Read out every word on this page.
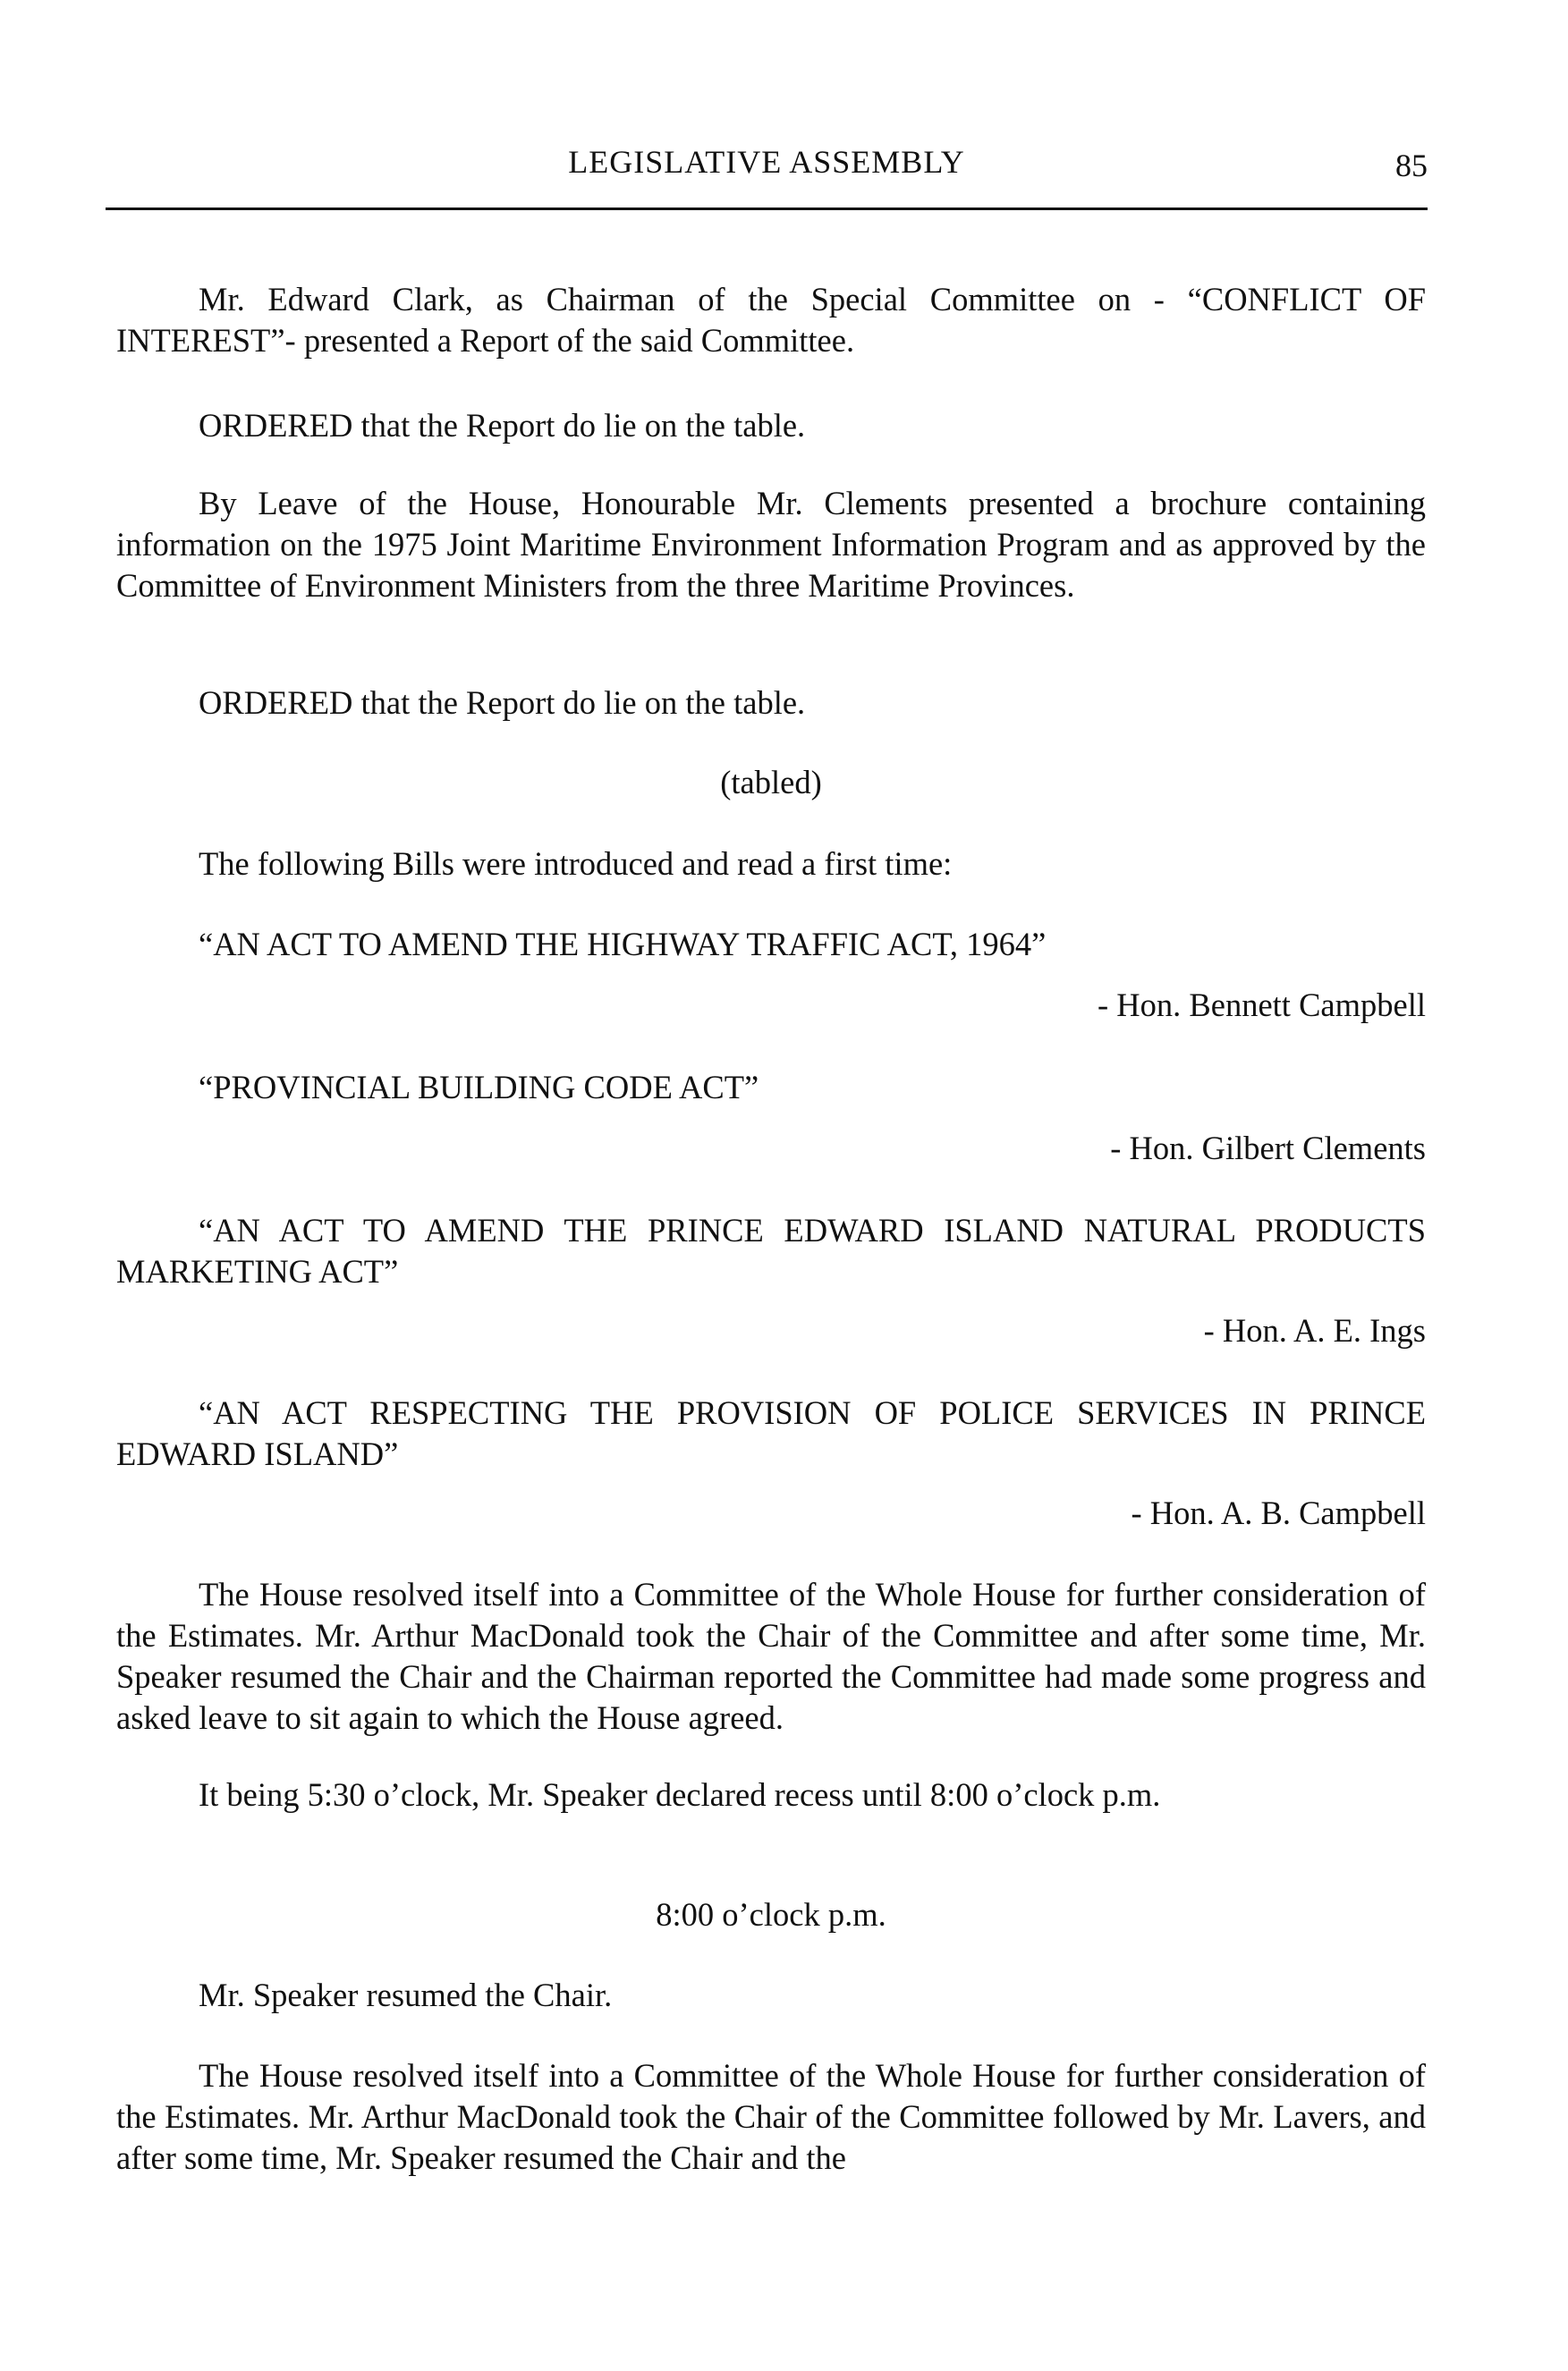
LEGISLATIVE ASSEMBLY	85

Mr. Edward Clark, as Chairman of the Special Committee on - “CONFLICT OF INTEREST”- presented a Report of the said Committee.

ORDERED that the Report do lie on the table.

By Leave of the House, Honourable Mr. Clements presented a brochure containing information on the 1975 Joint Maritime Environment Information Program and as approved by the Committee of Environment Ministers from the three Maritime Provinces.

ORDERED that the Report do lie on the table.

(tabled)

The following Bills were introduced and read a first time:

“AN ACT TO AMEND THE HIGHWAY TRAFFIC ACT, 1964”

- Hon. Bennett Campbell

“PROVINCIAL BUILDING CODE ACT”

- Hon. Gilbert Clements

“AN ACT TO AMEND THE PRINCE EDWARD ISLAND NATURAL PRODUCTS MARKETING ACT”

- Hon. A. E. Ings

“AN ACT RESPECTING THE PROVISION OF POLICE SERVICES IN PRINCE EDWARD ISLAND”

- Hon. A. B. Campbell

The House resolved itself into a Committee of the Whole House for further consideration of the Estimates. Mr. Arthur MacDonald took the Chair of the Committee and after some time, Mr. Speaker resumed the Chair and the Chairman reported the Committee had made some progress and asked leave to sit again to which the House agreed.

It being 5:30 o’clock, Mr. Speaker declared recess until 8:00 o’clock p.m.

8:00 o’clock p.m.

Mr. Speaker resumed the Chair.

The House resolved itself into a Committee of the Whole House for further consideration of the Estimates. Mr. Arthur MacDonald took the Chair of the Committee followed by Mr. Lavers, and after some time, Mr. Speaker resumed the Chair and the
